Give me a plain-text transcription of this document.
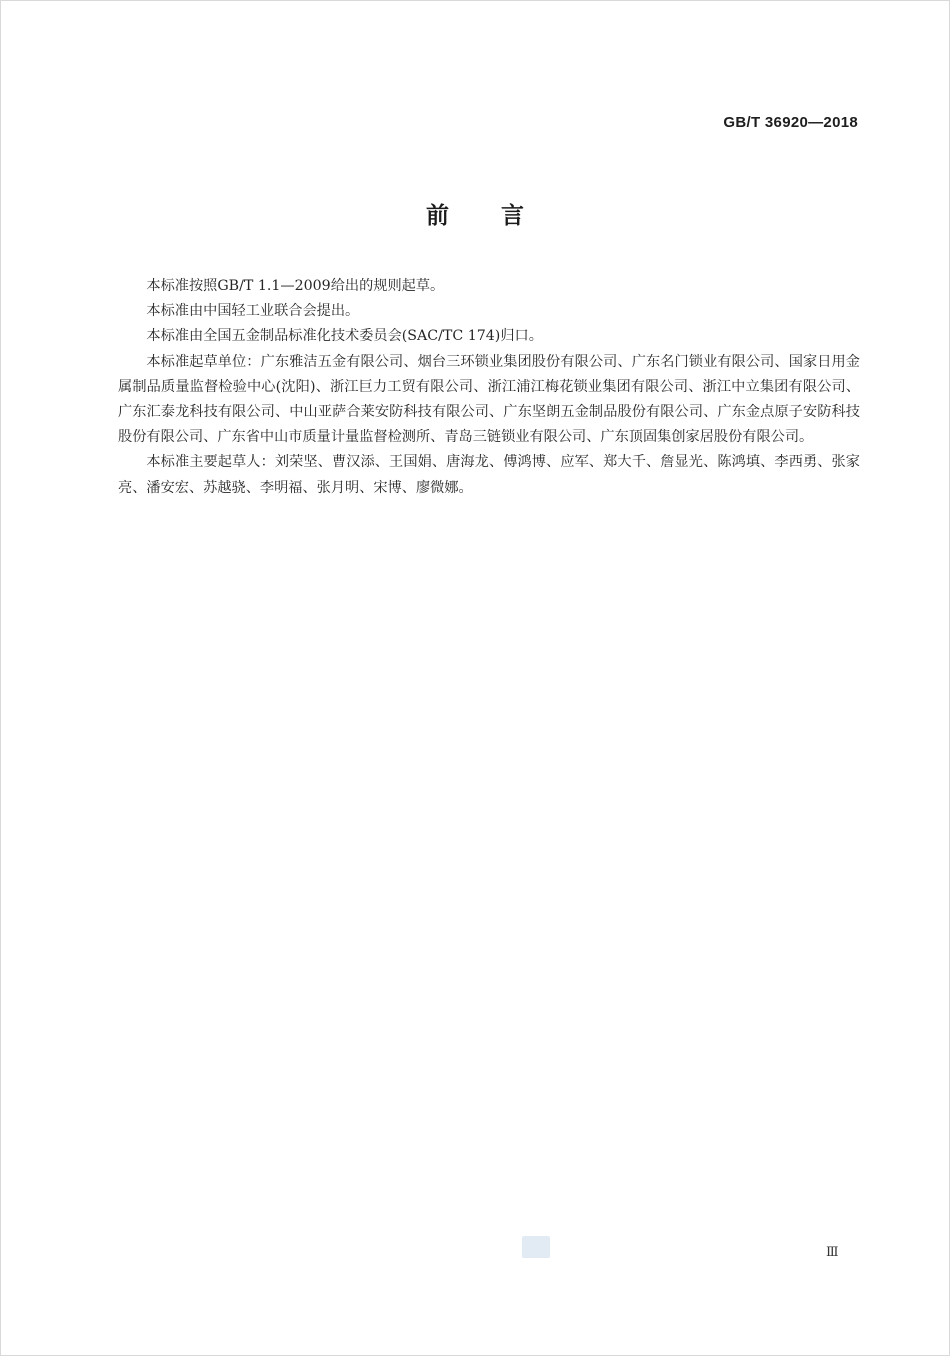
GB/T 36920—2018
前言

本标准按照GB/T 1.1—2009给出的规则起草。

本标准由中国轻工业联合会提出。

本标准由全国五金制品标准化技术委员会(SAC/TC 174)归口。

本标准起草单位：广东雅洁五金有限公司、烟台三环锁业集团股份有限公司、广东名门锁业有限公司、国家日用金属制品质量监督检验中心(沈阳)、浙江巨力工贸有限公司、浙江浦江梅花锁业集团有限公司、浙江中立集团有限公司、广东汇泰龙科技有限公司、中山亚萨合莱安防科技有限公司、广东坚朗五金制品股份有限公司、广东金点原子安防科技股份有限公司、广东省中山市质量计量监督检测所、青岛三链锁业有限公司、广东顶固集创家居股份有限公司。

本标准主要起草人：刘荣坚、曹汉添、王国娟、唐海龙、傅鸿博、应军、郑大千、詹显光、陈鸿填、李西勇、张家亮、潘安宏、苏越骁、李明福、张月明、宋博、廖微娜。

Ⅲ
